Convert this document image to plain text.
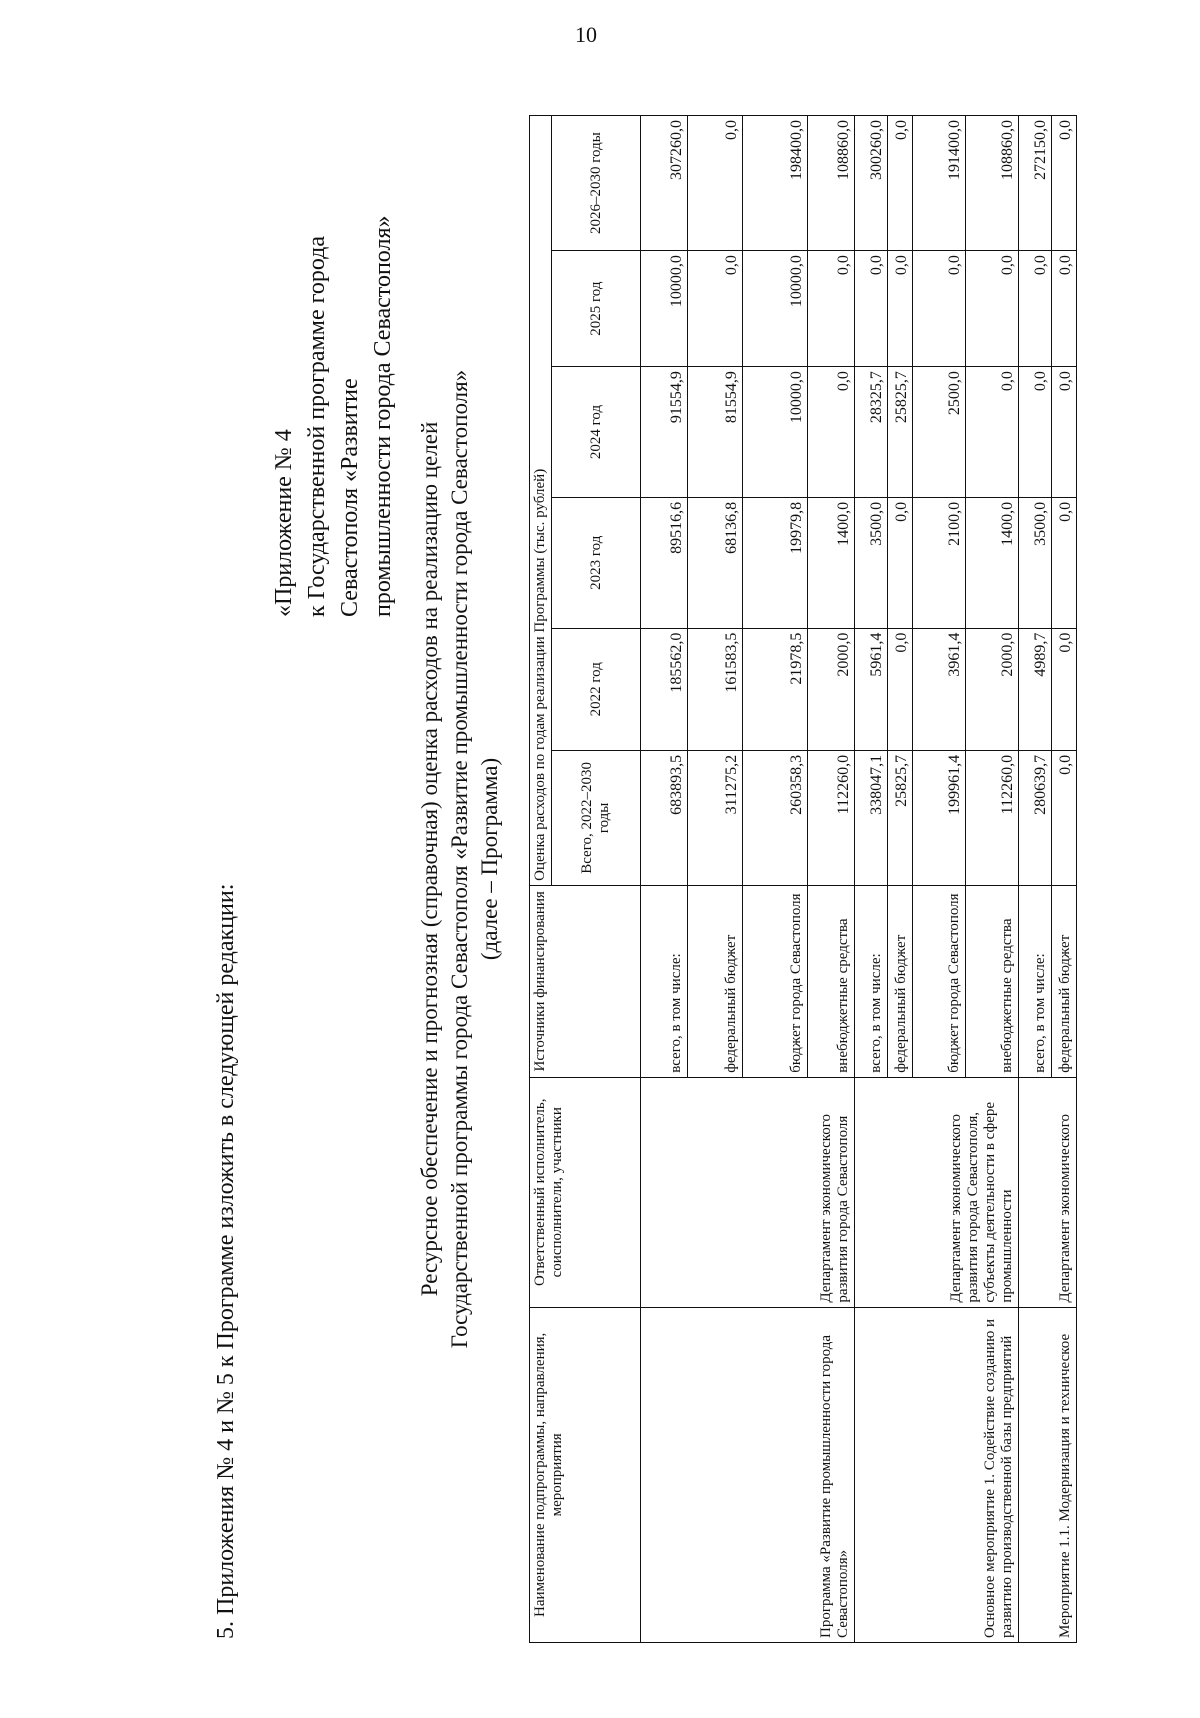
10
5. Приложения № 4 и № 5 к Программе изложить в следующей редакции:
«Приложение № 4 к Государственной программе города Севастополя «Развитие промышленности города Севастополя»
Ресурсное обеспечение и прогнозная (справочная) оценка расходов на реализацию целей Государственной программы города Севастополя «Развитие промышленности города Севастополя» (далее – Программа)
Наименование подпрограммы, направления, мероприятия	Ответственный исполнитель, соисполнители, участники	Источники финансирования	Оценка расходов по годам реализации Программы (тыс. рублей)					
			Всего, 2022–2030 годы	2022 год	2023 год	2024 год	2025 год	2026–2030 годы
Программа «Развитие промышленности города Севастополя»	Департамент экономического развития города Севастополя	всего, в том числе:	683893,5	185562,0	89516,6	91554,9	10000,0	307260,0
		федеральный бюджет	311275,2	161583,5	68136,8	81554,9	0,0	0,0
		бюджет города Севастополя	260358,3	21978,5	19979,8	10000,0	10000,0	198400,0
		внебюджетные средства	112260,0	2000,0	1400,0	0,0	0,0	108860,0
Основное мероприятие 1. Содействие созданию и развитию производственной базы предприятий	Департамент экономического развития города Севастополя, субъекты деятельности в сфере промышленности	всего, в том числе:	338047,1	5961,4	3500,0	28325,7	0,0	300260,0
		федеральный бюджет	25825,7	0,0	0,0	25825,7	0,0	0,0
		бюджет города Севастополя	199961,4	3961,4	2100,0	2500,0	0,0	191400,0
		внебюджетные средства	112260,0	2000,0	1400,0	0,0	0,0	108860,0
Мероприятие 1.1. Модернизация и техническое	Департамент экономического	всего, в том числе:	280639,7	4989,7	3500,0	0,0	0,0	272150,0
		федеральный бюджет	0,0	0,0	0,0	0,0	0,0	0,0
